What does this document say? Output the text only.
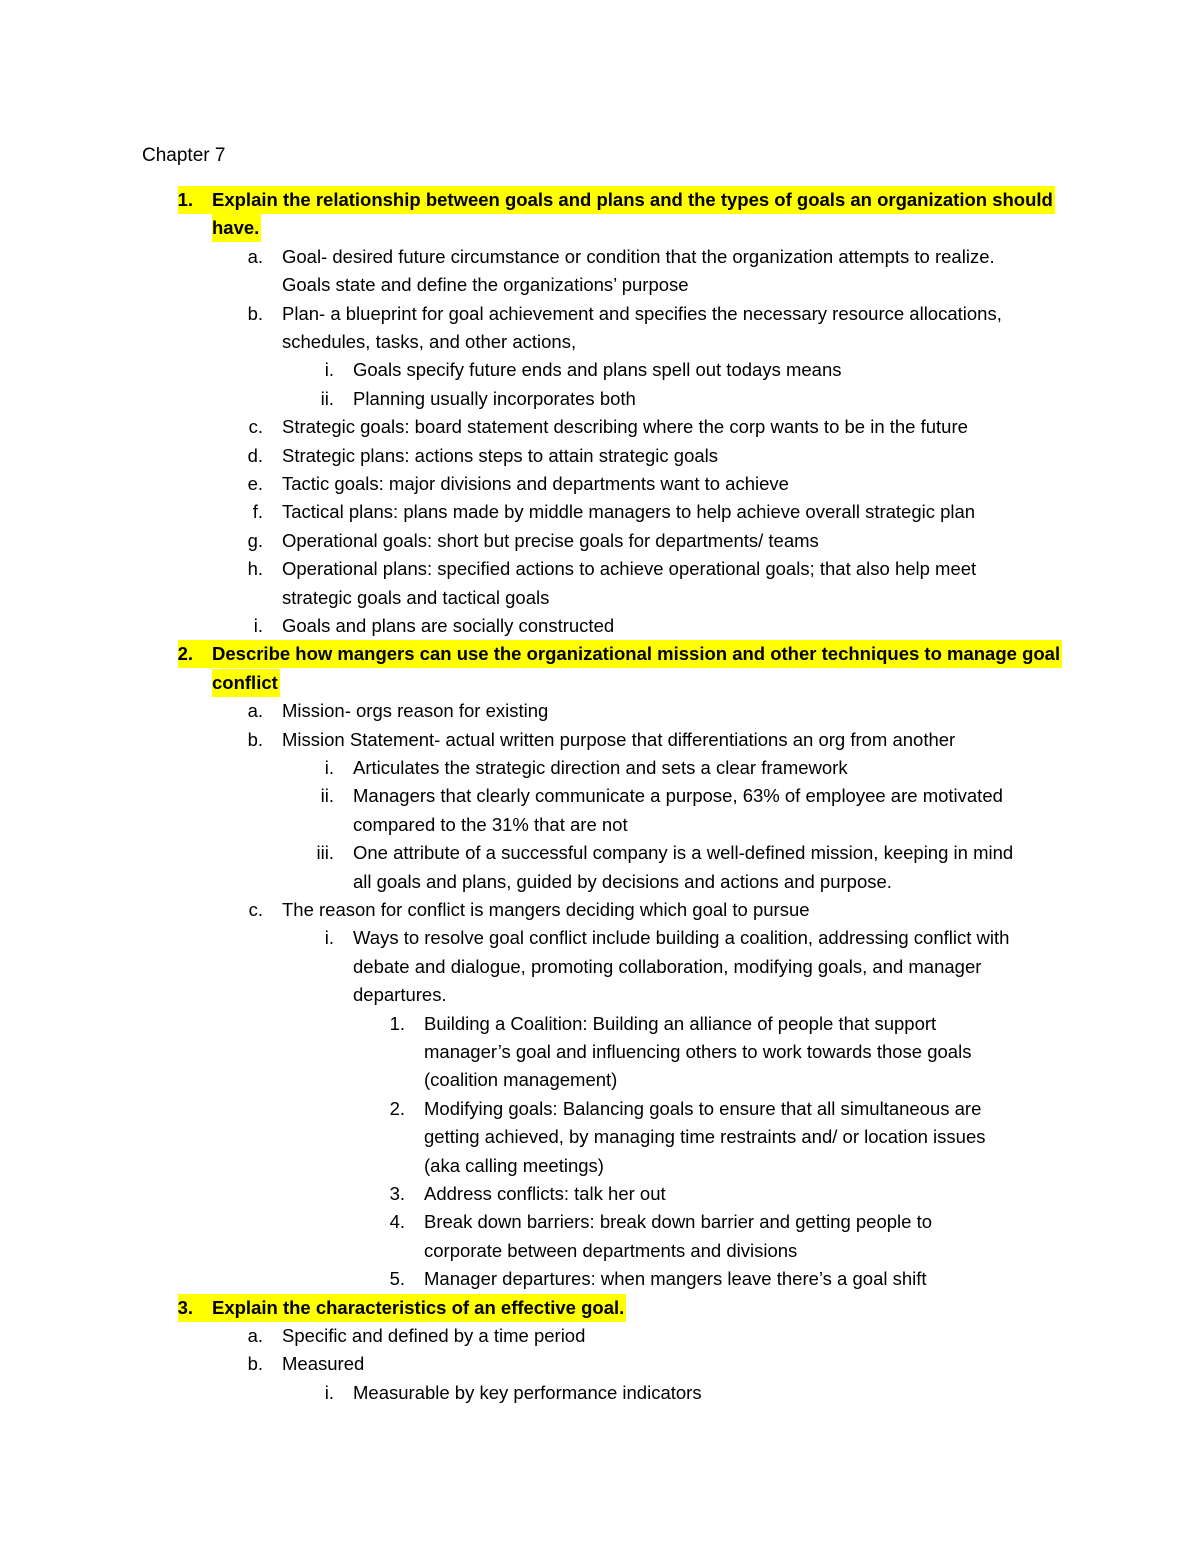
Chapter 7
1.	Explain the relationship between goals and plans and the types of goals an organization should
have.
a. Goal- desired future circumstance or condition that the organization attempts to realize.
Goals state and define the organizations’ purpose
b. Plan- a blueprint for goal achievement and specifies the necessary resource allocations,
schedules, tasks, and other actions,
i. Goals specify future ends and plans spell out todays means
ii. Planning usually incorporates both
c. Strategic goals: board statement describing where the corp wants to be in the future
d. Strategic plans: actions steps to attain strategic goals
e. Tactic goals: major divisions and departments want to achieve
f. Tactical plans: plans made by middle managers to help achieve overall strategic plan
g. Operational goals: short but precise goals for departments/ teams
h. Operational plans: specified actions to achieve operational goals; that also help meet
strategic goals and tactical goals
i. Goals and plans are socially constructed
2.	Describe how mangers can use the organizational mission and other techniques to manage goal
conflict
a. Mission- orgs reason for existing
b. Mission Statement- actual written purpose that differentiations an org from another
i. Articulates the strategic direction and sets a clear framework
ii. Managers that clearly communicate a purpose, 63% of employee are motivated
compared to the 31% that are not
iii. One attribute of a successful company is a well-defined mission, keeping in mind
all goals and plans, guided by decisions and actions and purpose.
c. The reason for conflict is mangers deciding which goal to pursue
i. Ways to resolve goal conflict include building a coalition, addressing conflict with
debate and dialogue, promoting collaboration, modifying goals, and manager
departures.
1. Building a Coalition: Building an alliance of people that support
manager’s goal and influencing others to work towards those goals
(coalition management)
2. Modifying goals: Balancing goals to ensure that all simultaneous are
getting achieved, by managing time restraints and/ or location issues
(aka calling meetings)
3. Address conflicts: talk her out
4. Break down barriers: break down barrier and getting people to
corporate between departments and divisions
5. Manager departures: when mangers leave there’s a goal shift
3.	Explain the characteristics of an effective goal.
a. Specific and defined by a time period
b. Measured
i. Measurable by key performance indicators
